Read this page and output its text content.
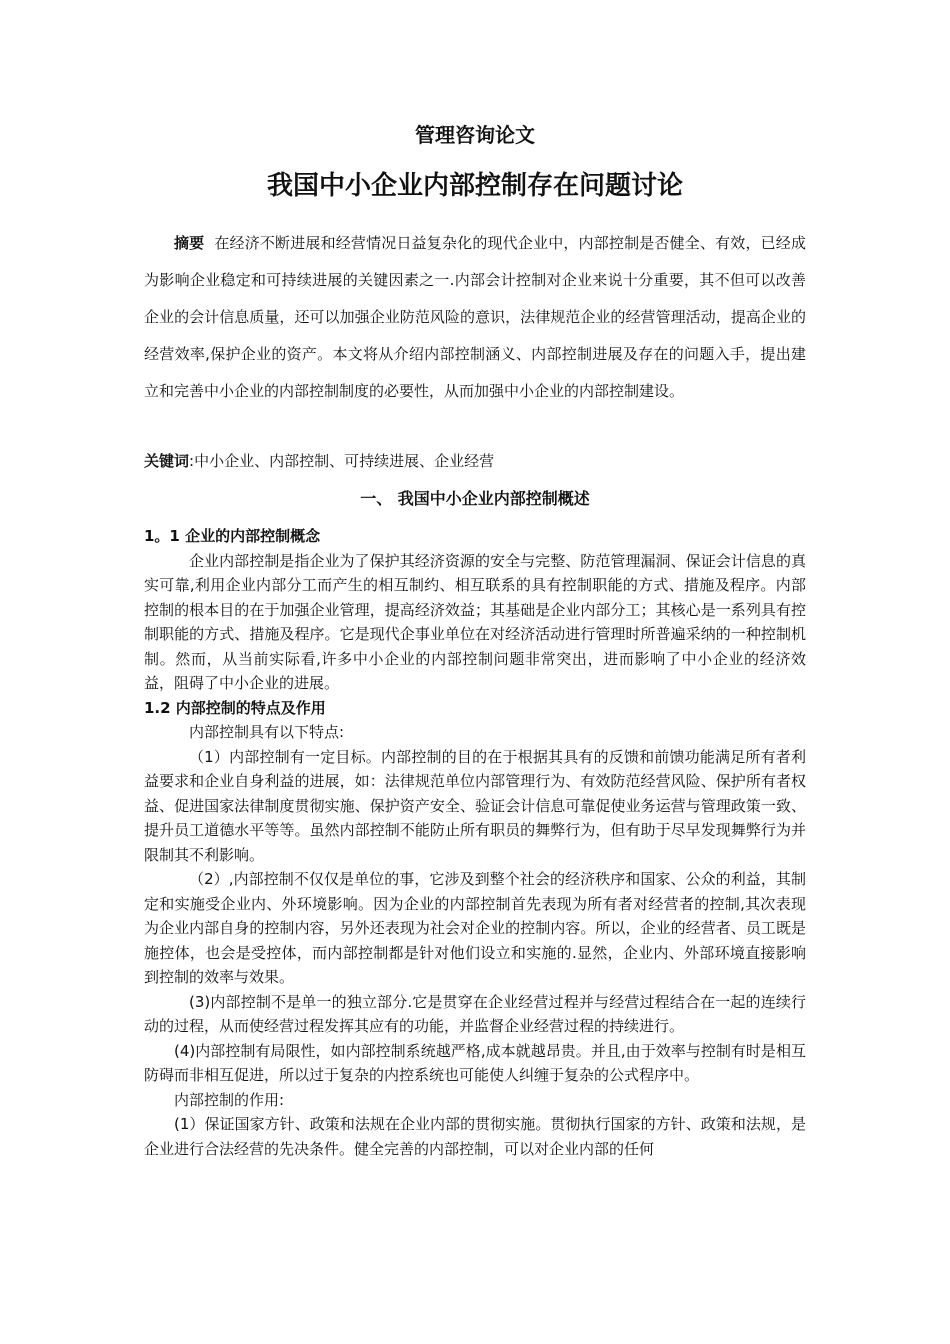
管理咨询论文
我国中小企业内部控制存在问题讨论

摘要 在经济不断进展和经营情况日益复杂化的现代企业中，内部控制是否健全、有效，已经成为影响企业稳定和可持续进展的关键因素之一.内部会计控制对企业来说十分重要，其不但可以改善企业的会计信息质量，还可以加强企业防范风险的意识，法律规范企业的经营管理活动，提高企业的经营效率,保护企业的资产。本文将从介绍内部控制涵义、内部控制进展及存在的问题入手，提出建立和完善中小企业的内部控制制度的必要性，从而加强中小企业的内部控制建设。

关键词:中小企业、内部控制、可持续进展、企业经营

一、 我国中小企业内部控制概述

1。1 企业的内部控制概念

企业内部控制是指企业为了保护其经济资源的安全与完整、防范管理漏洞、保证会计信息的真实可靠,利用企业内部分工而产生的相互制约、相互联系的具有控制职能的方式、措施及程序。内部控制的根本目的在于加强企业管理，提高经济效益；其基础是企业内部分工；其核心是一系列具有控制职能的方式、措施及程序。它是现代企事业单位在对经济活动进行管理时所普遍采纳的一种控制机制。然而，从当前实际看,许多中小企业的内部控制问题非常突出，进而影响了中小企业的经济效益，阻碍了中小企业的进展。

1.2 内部控制的特点及作用

内部控制具有以下特点:

（1）内部控制有一定目标。内部控制的目的在于根据其具有的反馈和前馈功能满足所有者利益要求和企业自身利益的进展，如：法律规范单位内部管理行为、有效防范经营风险、保护所有者权益、促进国家法律制度贯彻实施、保护资产安全、验证会计信息可靠促使业务运营与管理政策一致、提升员工道德水平等等。虽然内部控制不能防止所有职员的舞弊行为，但有助于尽早发现舞弊行为并限制其不利影响。

（2）,内部控制不仅仅是单位的事，它涉及到整个社会的经济秩序和国家、公众的利益，其制定和实施受企业内、外环境影响。因为企业的内部控制首先表现为所有者对经营者的控制,其次表现为企业内部自身的控制内容，另外还表现为社会对企业的控制内容。所以，企业的经营者、员工既是施控体，也会是受控体，而内部控制都是针对他们设立和实施的.显然，企业内、外部环境直接影响到控制的效率与效果。

(3)内部控制不是单一的独立部分.它是贯穿在企业经营过程并与经营过程结合在一起的连续行动的过程，从而使经营过程发挥其应有的功能，并监督企业经营过程的持续进行。

(4)内部控制有局限性，如内部控制系统越严格,成本就越昂贵。并且,由于效率与控制有时是相互防碍而非相互促进，所以过于复杂的内控系统也可能使人纠缠于复杂的公式程序中。

内部控制的作用:

(1）保证国家方针、政策和法规在企业内部的贯彻实施。贯彻执行国家的方针、政策和法规，是企业进行合法经营的先决条件。健全完善的内部控制，可以对企业内部的任何
